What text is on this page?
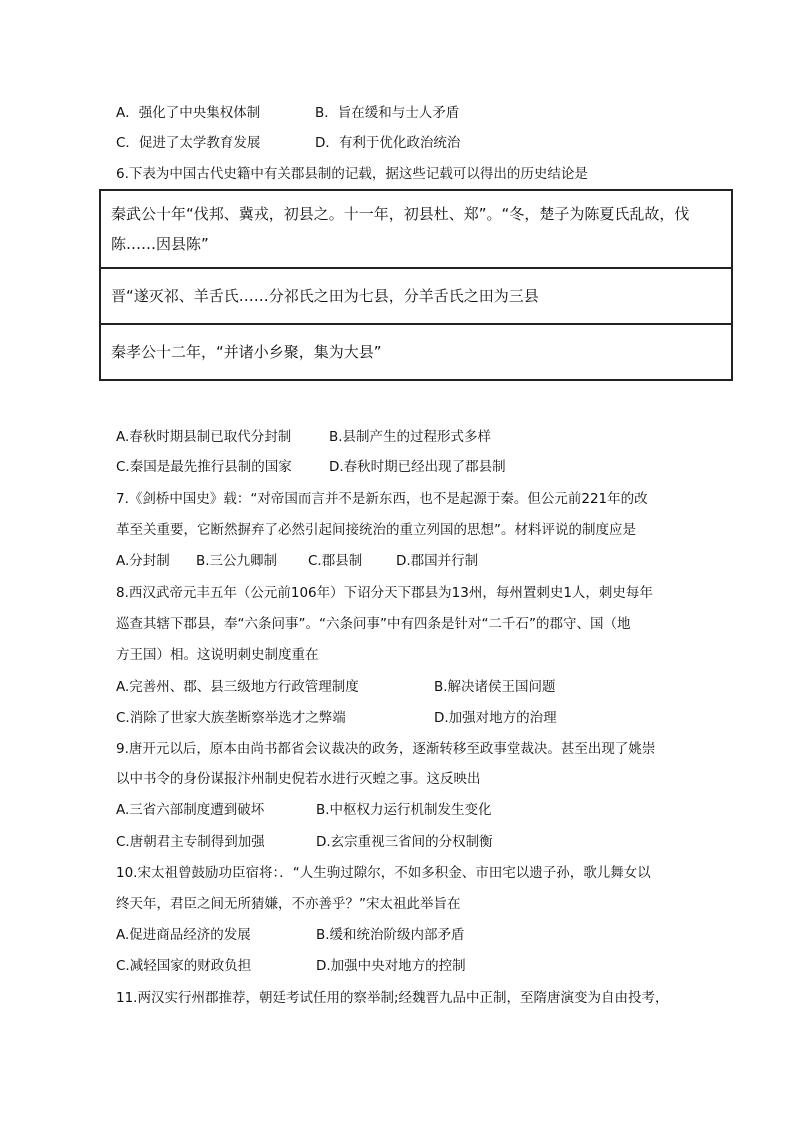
A．强化了中央集权体制	B．旨在缓和与士人矛盾
C．促进了太学教育发展	D．有利于优化政治统治
6.下表为中国古代史籍中有关郡县制的记载，据这些记载可以得出的历史结论是
秦武公十年“伐邦、冀戎，初县之。十一年，初县杜、郑”。“冬，楚子为陈夏氏乱故，伐陈……因县陈”
晋“遂灭祁、羊舌氏……分祁氏之田为七县，分羊舌氏之田为三县
秦孝公十二年，“并诸小乡聚，集为大县”
A.春秋时期县制已取代分封制	B.县制产生的过程形式多样
C.秦国是最先推行县制的国家	D.春秋时期已经出现了郡县制
7.《剑桥中国史》载：“对帝国而言并不是新东西，也不是起源于秦。但公元前221年的改
革至关重要，它断然摒弃了必然引起间接统治的重立列国的思想”。材料评说的制度应是
A.分封制 B.三公九卿制 C.郡县制	D.郡国并行制
8.西汉武帝元丰五年（公元前106年）下诏分天下郡县为13州，每州置刺史1人，刺史每年
巡查其辖下郡县，奉“六条问事”。“六条问事”中有四条是针对“二千石”的郡守、国（地
方王国）相。这说明刺史制度重在
A.完善州、郡、县三级地方行政管理制度	B.解决诸侯王国问题
C.消除了世家大族垄断察举选才之弊端	D.加强对地方的治理
9.唐开元以后，原本由尚书都省会议裁决的政务，逐渐转移至政事堂裁决。甚至出现了姚崇
以中书令的身份谋报汴州制史倪若水进行灭蝗之事。这反映出
A.三省六部制度遭到破坏	B.中枢权力运行机制发生变化
C.唐朝君主专制得到加强	D.玄宗重视三省间的分权制衡
10.宋太祖曾鼓励功臣宿将：．“人生驹过隙尔，不如多积金、市田宅以遗子孙，歌儿舞女以
终天年，君臣之间无所猜嫌，不亦善乎？”宋太祖此举旨在
A.促进商品经济的发展	B.缓和统治阶级内部矛盾
C.减轻国家的财政负担	D.加强中央对地方的控制
11.两汉实行州郡推荐，朝廷考试任用的察举制;经魏晋九品中正制，至隋唐演变为自由投考，
